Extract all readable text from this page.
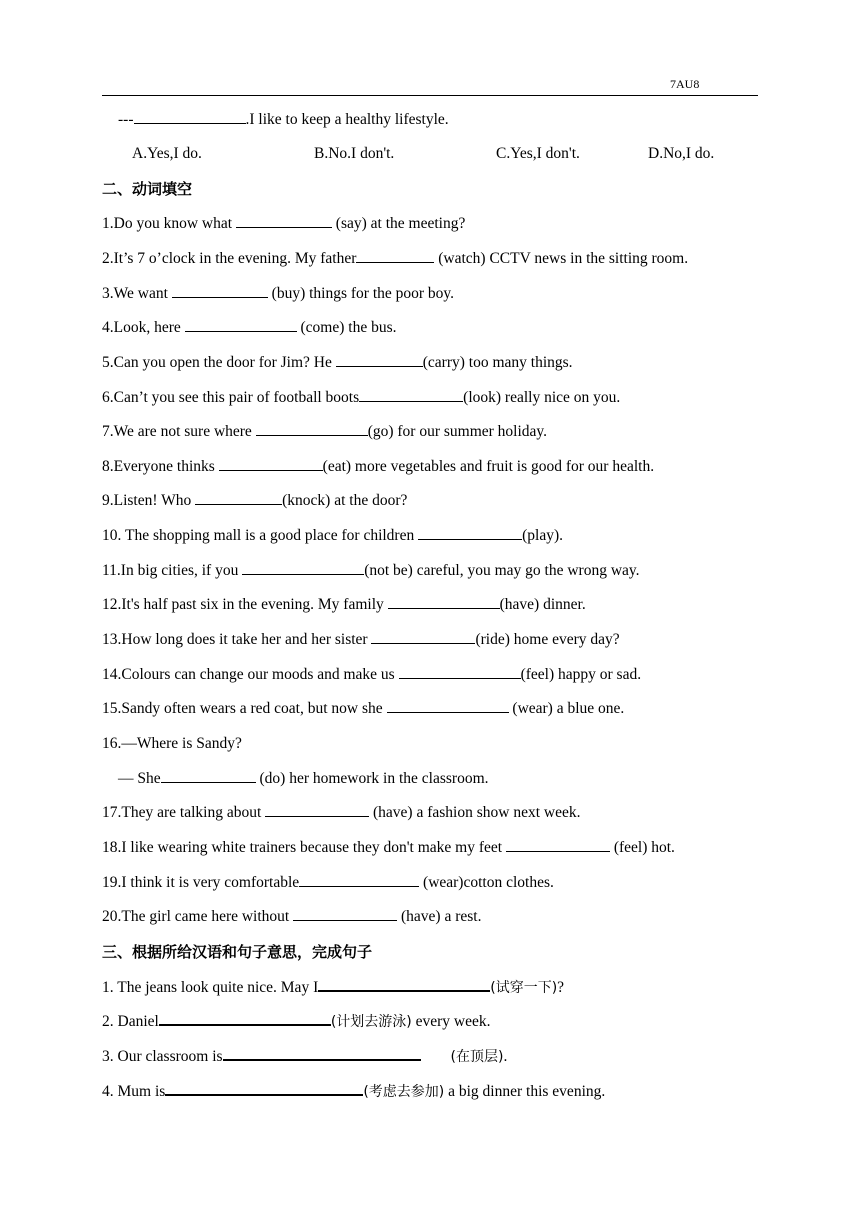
7AU8
---	.I like to keep a healthy lifestyle.
A.Yes,I do.	B.No.I don't.	C.Yes,I don't.	D.No,I do.
二、动词填空
1.Do you know what	(say) at the meeting?
2.It’s 7 o’clock in the evening. My father	(watch) CCTV news in the sitting room.
3.We want	(buy) things for the poor boy.
4.Look, here	(come) the bus.
5.Can you open the door for Jim? He	(carry) too many things.
6.Can’t you see this pair of football boots	(look) really nice on you.
7.We are not sure where	(go) for our summer holiday.
8.Everyone thinks	(eat) more vegetables and fruit is good for our health.
9.Listen! Who	(knock) at the door?
10. The shopping mall is a good place for children	(play).
11.In big cities, if you	(not be) careful, you may go the wrong way.
12.It's half past six in the evening. My family	(have) dinner.
13.How long does it take her and her sister	(ride) home every day?
14.Colours can change our moods and make us	(feel) happy or sad.
15.Sandy often wears a red coat, but now she	(wear) a blue one.
16.—Where is Sandy?
— She	(do) her homework in the classroom.
17.They are talking about	(have) a fashion show next week.
18.I like wearing white trainers because they don't make my feet	(feel) hot.
19.I think it is very comfortable	(wear)cotton clothes.
20.The girl came here without	(have) a rest.
三、根据所给汉语和句子意思，完成句子
1. The jeans look quite nice. May I	(试穿一下)?
2. Daniel	(计划去游泳) every week.
3. Our classroom is	(在顶层).
4. Mum is	(考虑去参加) a big dinner this evening.
